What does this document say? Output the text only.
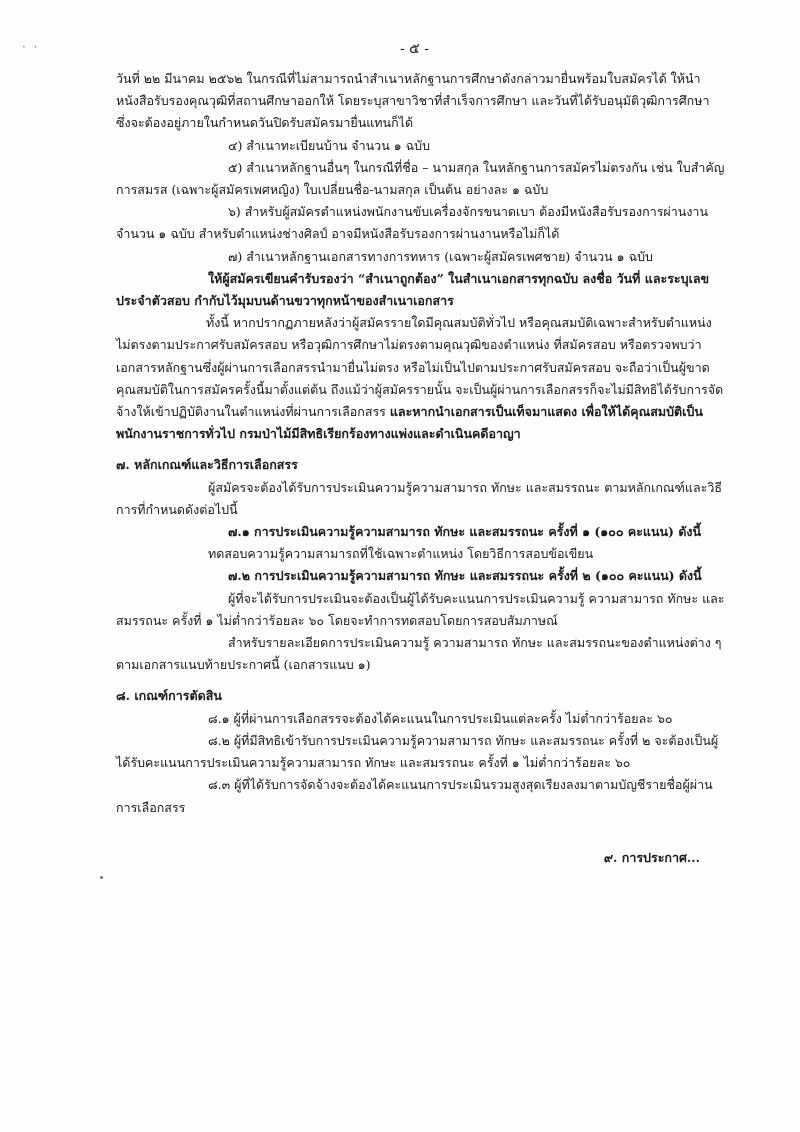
· ·	- ๕ -

วันที่ ๒๒ มีนาคม ๒๕๖๒ ในกรณีที่ไม่สามารถนำสำเนาหลักฐานการศึกษาดังกล่าวมายื่นพร้อมใบสมัครได้ ให้นำหนังสือรับรองคุณวุฒิที่สถานศึกษาออกให้ โดยระบุสาขาวิชาที่สำเร็จการศึกษา และวันที่ได้รับอนุมัติวุฒิการศึกษา ซึ่งจะต้องอยู่ภายในกำหนดวันปิดรับสมัครมายื่นแทนก็ได้

๔) สำเนาทะเบียนบ้าน จำนวน ๑ ฉบับ

๕) สำเนาหลักฐานอื่นๆ ในกรณีที่ชื่อ – นามสกุล ในหลักฐานการสมัครไม่ตรงกัน เช่น ใบสำคัญการสมรส (เฉพาะผู้สมัครเพศหญิง) ใบเปลี่ยนชื่อ-นามสกุล เป็นต้น อย่างละ ๑ ฉบับ

๖) สำหรับผู้สมัครตำแหน่งพนักงานขับเครื่องจักรขนาดเบา ต้องมีหนังสือรับรองการผ่านงาน จำนวน ๑ ฉบับ สำหรับตำแหน่งช่างศิลป์ อาจมีหนังสือรับรองการผ่านงานหรือไม่ก็ได้

๗) สำเนาหลักฐานเอกสารทางการทหาร (เฉพาะผู้สมัครเพศชาย) จำนวน ๑ ฉบับ

ให้ผู้สมัครเขียนคำรับรองว่า “สำเนาถูกต้อง” ในสำเนาเอกสารทุกฉบับ ลงชื่อ วันที่ และระบุเลขประจำตัวสอบ กำกับไว้มุมบนด้านขวาทุกหน้าของสำเนาเอกสาร

ทั้งนี้ หากปรากฏภายหลังว่าผู้สมัครรายใดมีคุณสมบัติทั่วไป หรือคุณสมบัติเฉพาะสำหรับตำแหน่งไม่ตรงตามประกาศรับสมัครสอบ หรือวุฒิการศึกษาไม่ตรงตามคุณวุฒิของตำแหน่ง ที่สมัครสอบ หรือตรวจพบว่าเอกสารหลักฐานซึ่งผู้ผ่านการเลือกสรรนำมายื่นไม่ตรง หรือไม่เป็นไปตามประกาศรับสมัครสอบ จะถือว่าเป็นผู้ขาดคุณสมบัติในการสมัครครั้งนี้มาตั้งแต่ต้น ถึงแม้ว่าผู้สมัครรายนั้น จะเป็นผู้ผ่านการเลือกสรรก็จะไม่มีสิทธิได้รับการจัดจ้างให้เข้าปฏิบัติงานในตำแหน่งที่ผ่านการเลือกสรร และหากนำเอกสารเป็นเท็จมาแสดง เพื่อให้ได้คุณสมบัติเป็นพนักงานราชการทั่วไป กรมป่าไม้มีสิทธิเรียกร้องทางแพ่งและดำเนินคดีอาญา

๗. หลักเกณฑ์และวิธีการเลือกสรร

ผู้สมัครจะต้องได้รับการประเมินความรู้ความสามารถ ทักษะ และสมรรถนะ ตามหลักเกณฑ์และวิธีการที่กำหนดดังต่อไปนี้

๗.๑ การประเมินความรู้ความสามารถ ทักษะ และสมรรถนะ ครั้งที่ ๑ (๑๐๐ คะแนน) ดังนี้

ทดสอบความรู้ความสามารถที่ใช้เฉพาะตำแหน่ง โดยวิธีการสอบข้อเขียน

๗.๒ การประเมินความรู้ความสามารถ ทักษะ และสมรรถนะ ครั้งที่ ๒ (๑๐๐ คะแนน) ดังนี้

ผู้ที่จะได้รับการประเมินจะต้องเป็นผู้ได้รับคะแนนการประเมินความรู้ ความสามารถ ทักษะ และสมรรถนะ ครั้งที่ ๑ ไม่ต่ำกว่าร้อยละ ๖๐ โดยจะทำการทดสอบโดยการสอบสัมภาษณ์

สำหรับรายละเอียดการประเมินความรู้ ความสามารถ ทักษะ และสมรรถนะของตำแหน่งต่าง ๆ ตามเอกสารแนบท้ายประกาศนี้ (เอกสารแนบ ๑)

๘. เกณฑ์การตัดสิน

๘.๑ ผู้ที่ผ่านการเลือกสรรจะต้องได้คะแนนในการประเมินแต่ละครั้ง ไม่ต่ำกว่าร้อยละ ๖๐

๘.๒ ผู้ที่มีสิทธิเข้ารับการประเมินความรู้ความสามารถ ทักษะ และสมรรถนะ ครั้งที่ ๒ จะต้องเป็นผู้ได้รับคะแนนการประเมินความรู้ความสามารถ ทักษะ และสมรรถนะ ครั้งที่ ๑ ไม่ต่ำกว่าร้อยละ ๖๐

๘.๓ ผู้ที่ได้รับการจัดจ้างจะต้องได้คะแนนการประเมินรวมสูงสุดเรียงลงมาตามบัญชีรายชื่อผู้ผ่านการเลือกสรร

๙. การประกาศ...
